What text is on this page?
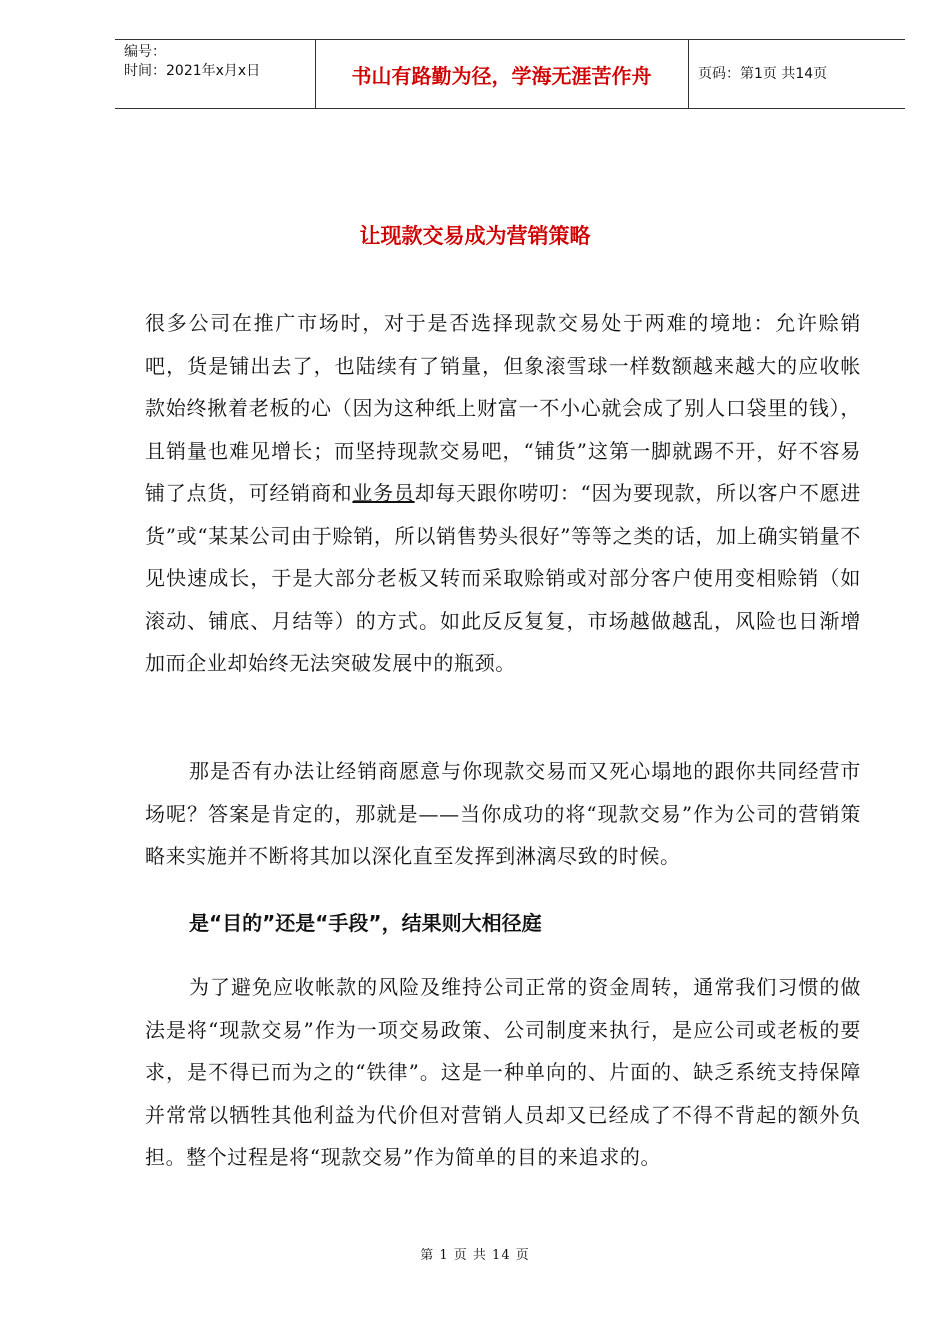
编号：
时间：2021年x月x日	书山有路勤为径，学海无涯苦作舟	页码：第1页 共14页
让现款交易成为营销策略

很多公司在推广市场时，对于是否选择现款交易处于两难的境地：允许赊销吧，货是铺出去了，也陆续有了销量，但象滚雪球一样数额越来越大的应收帐款始终揪着老板的心（因为这种纸上财富一不小心就会成了别人口袋里的钱），且销量也难见增长；而坚持现款交易吧，“铺货”这第一脚就踢不开，好不容易铺了点货，可经销商和业务员却每天跟你唠叨：“因为要现款，所以客户不愿进货”或“某某公司由于赊销，所以销售势头很好”等等之类的话，加上确实销量不见快速成长，于是大部分老板又转而采取赊销或对部分客户使用变相赊销（如滚动、铺底、月结等）的方式。如此反反复复，市场越做越乱，风险也日渐增加而企业却始终无法突破发展中的瓶颈。

那是否有办法让经销商愿意与你现款交易而又死心塌地的跟你共同经营市场呢？答案是肯定的，那就是——当你成功的将“现款交易”作为公司的营销策略来实施并不断将其加以深化直至发挥到淋漓尽致的时候。

是“目的”还是“手段”，结果则大相径庭

为了避免应收帐款的风险及维持公司正常的资金周转，通常我们习惯的做法是将“现款交易”作为一项交易政策、公司制度来执行，是应公司或老板的要求，是不得已而为之的“铁律”。这是一种单向的、片面的、缺乏系统支持保障并常常以牺牲其他利益为代价但对营销人员却又已经成了不得不背起的额外负担。整个过程是将“现款交易”作为简单的目的来追求的。

第 1 页 共 14 页
